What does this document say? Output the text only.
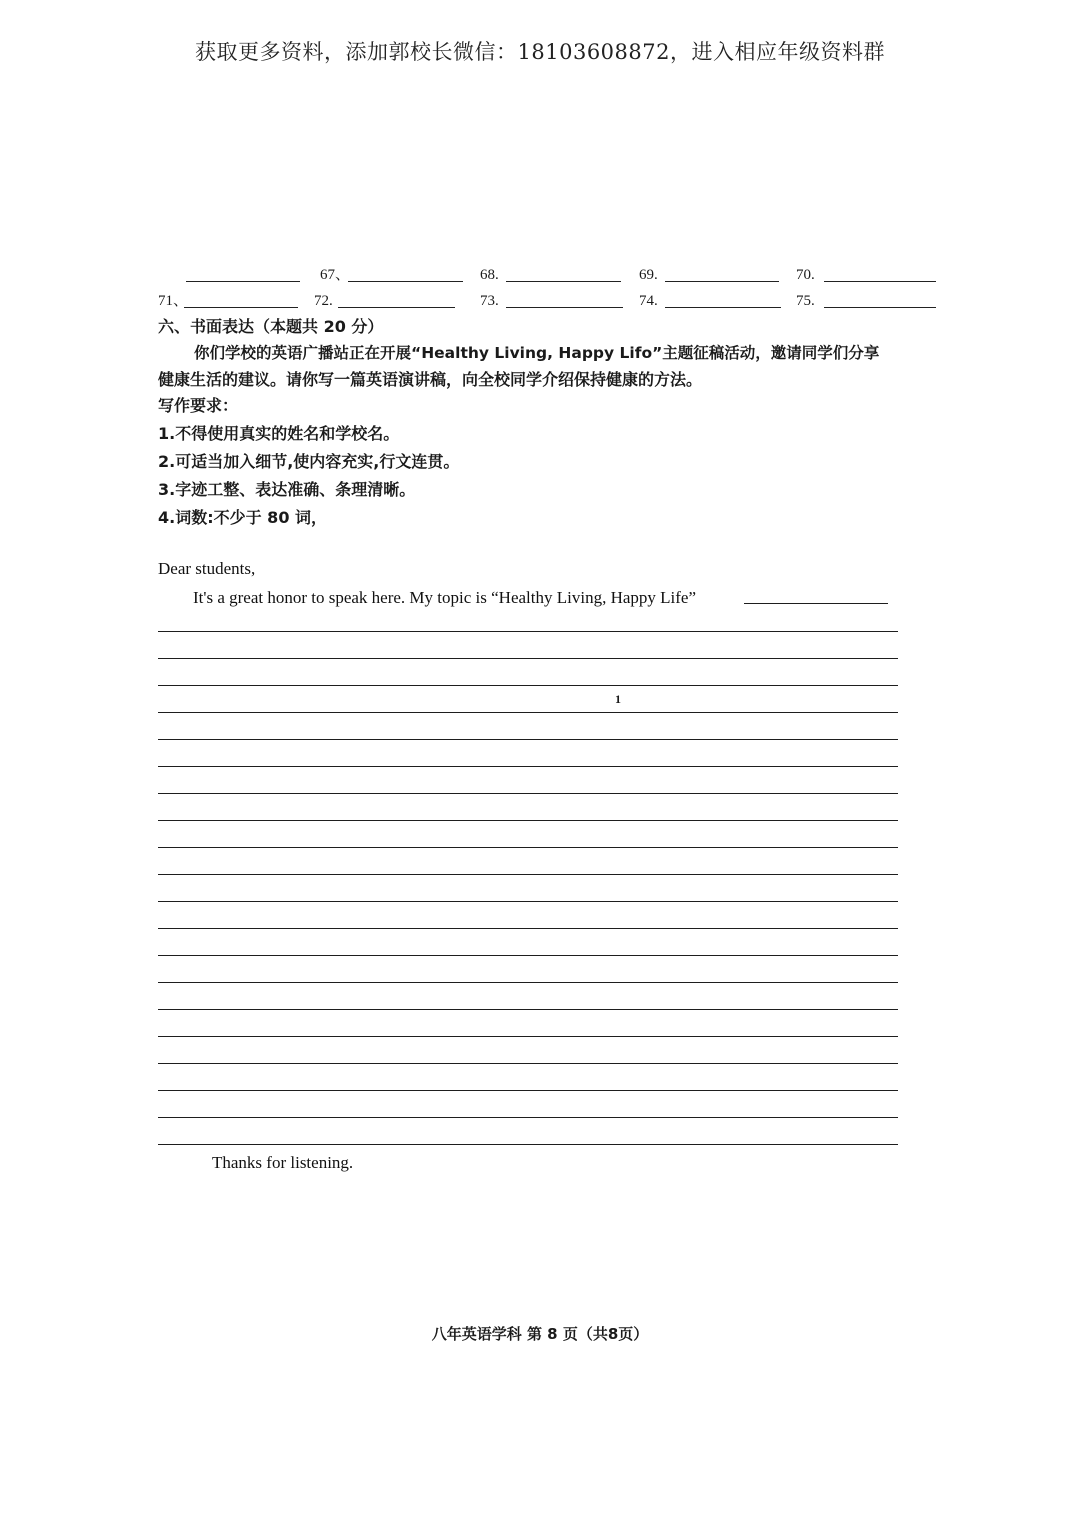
获取更多资料，添加郭校长微信：18103608872，进入相应年级资料群
67、	68.	69.	70.
71、	72.	73.	74.	75.
六、书面表达（本题共 20 分）
你们学校的英语广播站正在开展“Healthy Living, Happy Lifo”主题征稿活动，邀请同学们分享
健康生活的建议。请你写一篇英语演讲稿，向全校同学介绍保持健康的方法。
写作要求：
1.不得使用真实的姓名和学校名。
2.可适当加入细节,使内容充实,行文连贯。
3.字迹工整、表达准确、条理清晰。
4.词数:不少于 80 词，
Dear students,
It's a great honor to speak here. My topic is “Healthy Living, Happy Life”
1
Thanks for listening.
八年英语学科 第 8 页（共8页）
